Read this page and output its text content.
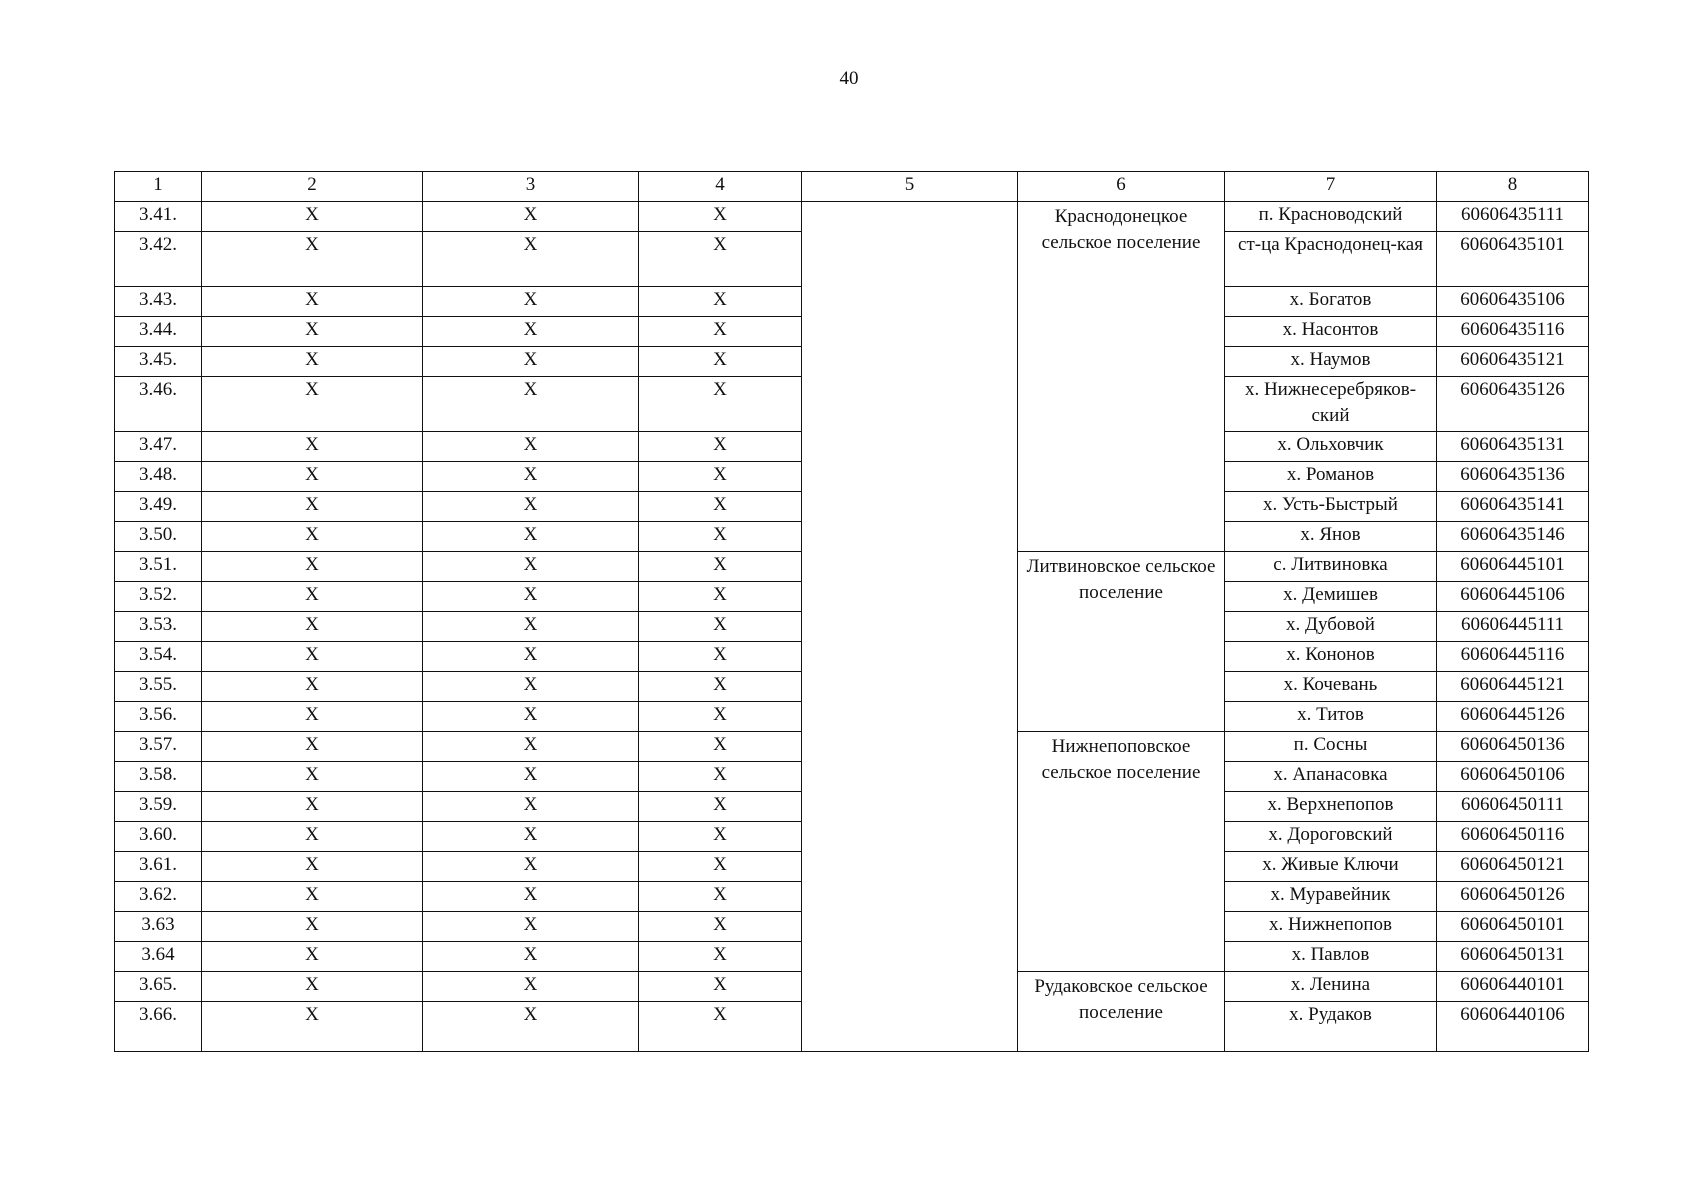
40
1	2	3	4	5	6	7	8
3.41.	Х	Х	Х		Краснодонецкое сельское поселение	п. Красноводский	60606435111
3.42.	Х	Х	Х			ст-ца Краснодонец-кая	60606435101
3.43.	Х	Х	Х			х. Богатов	60606435106
3.44.	Х	Х	Х			х. Насонтов	60606435116
3.45.	Х	Х	Х			х. Наумов	60606435121
3.46.	Х	Х	Х			х. Нижнесеребряков-ский	60606435126
3.47.	Х	Х	Х			х. Ольховчик	60606435131
3.48.	Х	Х	Х			х. Романов	60606435136
3.49.	Х	Х	Х			х. Усть-Быстрый	60606435141
3.50.	Х	Х	Х			х. Янов	60606435146
3.51.	Х	Х	Х		Литвиновское сельское поселение	с. Литвиновка	60606445101
3.52.	Х	Х	Х			х. Демишев	60606445106
3.53.	Х	Х	Х			х. Дубовой	60606445111
3.54.	Х	Х	Х			х. Кононов	60606445116
3.55.	Х	Х	Х			х. Кочевань	60606445121
3.56.	Х	Х	Х			х. Титов	60606445126
3.57.	Х	Х	Х		Нижнепоповское сельское поселение	п. Сосны	60606450136
3.58.	Х	Х	Х			х. Апанасовка	60606450106
3.59.	Х	Х	Х			х. Верхнепопов	60606450111
3.60.	Х	Х	Х			х. Дороговский	60606450116
3.61.	Х	Х	Х			х. Живые Ключи	60606450121
3.62.	Х	Х	Х			х. Муравейник	60606450126
3.63	Х	Х	Х			х. Нижнепопов	60606450101
3.64	Х	Х	Х			х. Павлов	60606450131
3.65.	Х	Х	Х		Рудаковское сельское поселение	х. Ленина	60606440101
3.66.	Х	Х	Х			х. Рудаков	60606440106
